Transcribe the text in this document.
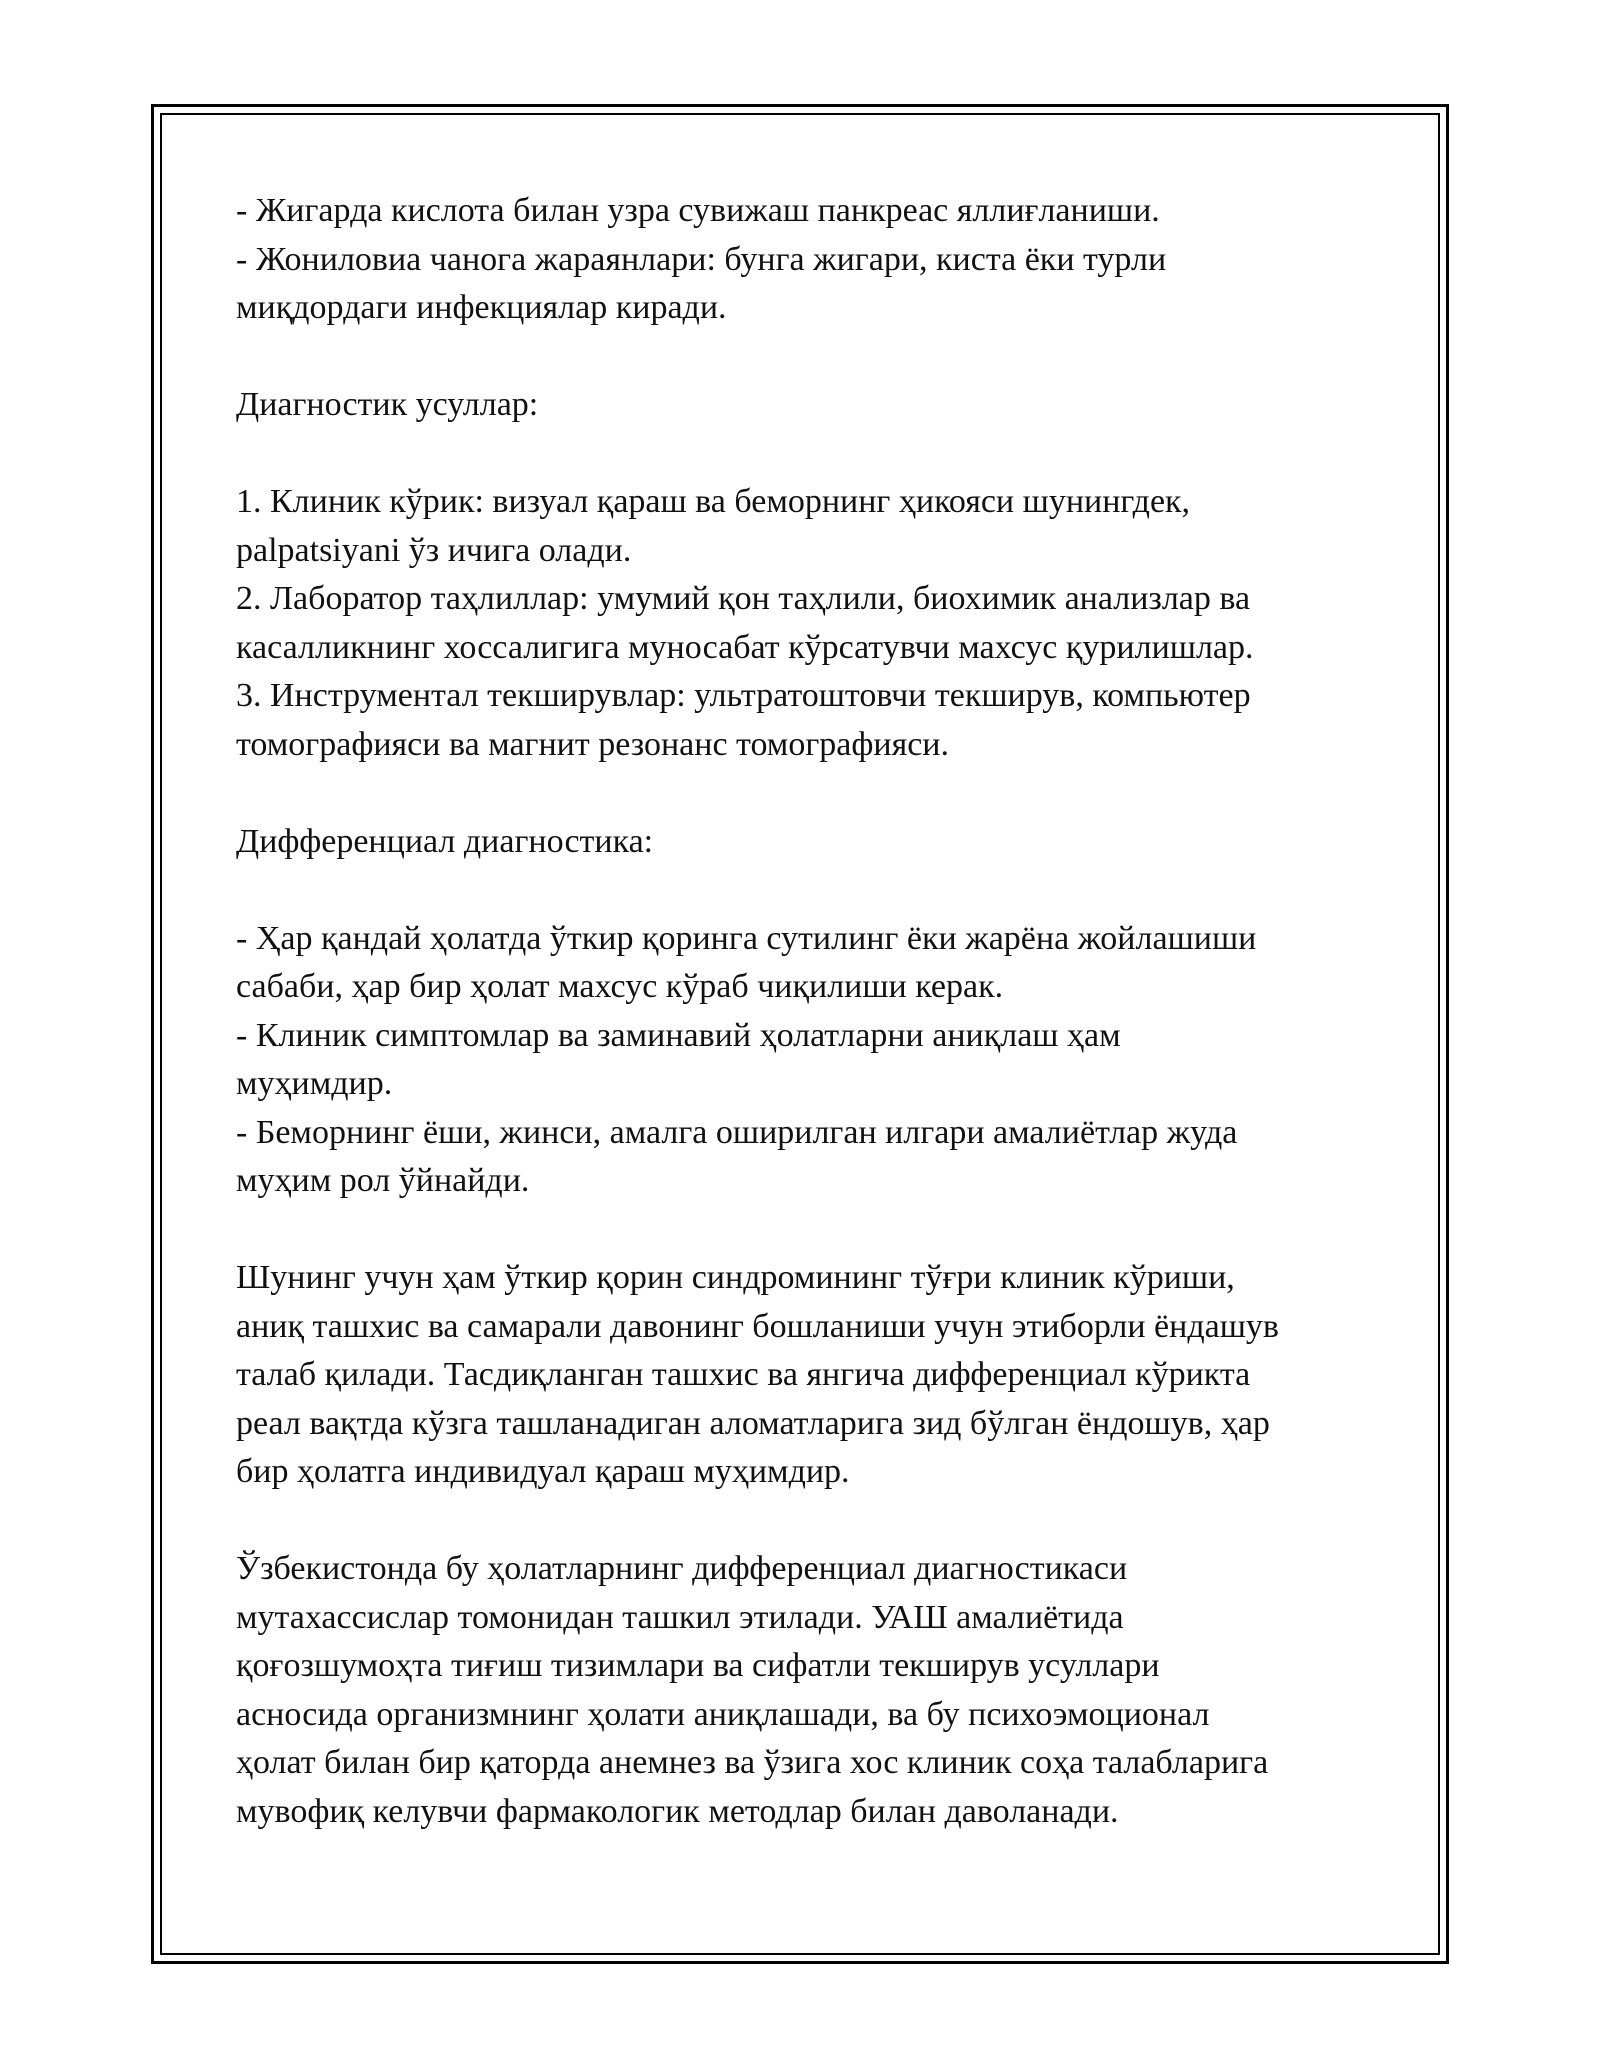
- Жигарда кислота билан узра сувижаш панкреас яллиғланиши.
- Жониловиа чанога жараянлари: бунга жигари, киста ёки турли
миқдордаги инфекциялар киради.
Диагностик усуллар:
1. Клиник кўрик: визуал қараш ва беморнинг ҳикояси шунингдек,
palpatsiyani ўз ичига олади.
2. Лаборатор таҳлиллар: умумий қон таҳлили, биохимик анализлар ва
касалликнинг хоссалигига муносабат кўрсатувчи махсус қурилишлар.
3. Инструментал текширувлар: ультратоштовчи текширув, компьютер
томографияси ва магнит резонанс томографияси.
Дифференциал диагностика:
- Ҳар қандай ҳолатда ўткир қоринга сутилинг ёки жарёна жойлашиши
сабаби, ҳар бир ҳолат махсус кўраб чиқилиши керак.
- Клиник симптомлар ва заминавий ҳолатларни аниқлаш ҳам
муҳимдир.
- Беморнинг ёши, жинси, амалга оширилган илгари амалиётлар жуда
муҳим рол ўйнайди.
Шунинг учун ҳам ўткир қорин синдромининг тўғри клиник кўриши,
аниқ ташхис ва самарали давонинг бошланиши учун этиборли ёндашув
талаб қилади. Тасдиқланган ташхис ва янгича дифференциал кўрикта
реал вақтда кўзга ташланадиган аломатларига зид бўлган ёндошув, ҳар
бир ҳолатга индивидуал қараш муҳимдир.
Ўзбекистонда бу ҳолатларнинг дифференциал диагностикаси
мутахассислар томонидан ташкил этилади. УАШ амалиётида
қоғозшумоҳта тиғиш тизимлари ва сифатли текширув усуллари
асносида организмнинг ҳолати аниқлашади, ва бу психоэмоционал
ҳолат билан бир қаторда анемнез ва ўзига хос клиник соҳа талабларига
мувофиқ келувчи фармакологик методлар билан даволанади.
